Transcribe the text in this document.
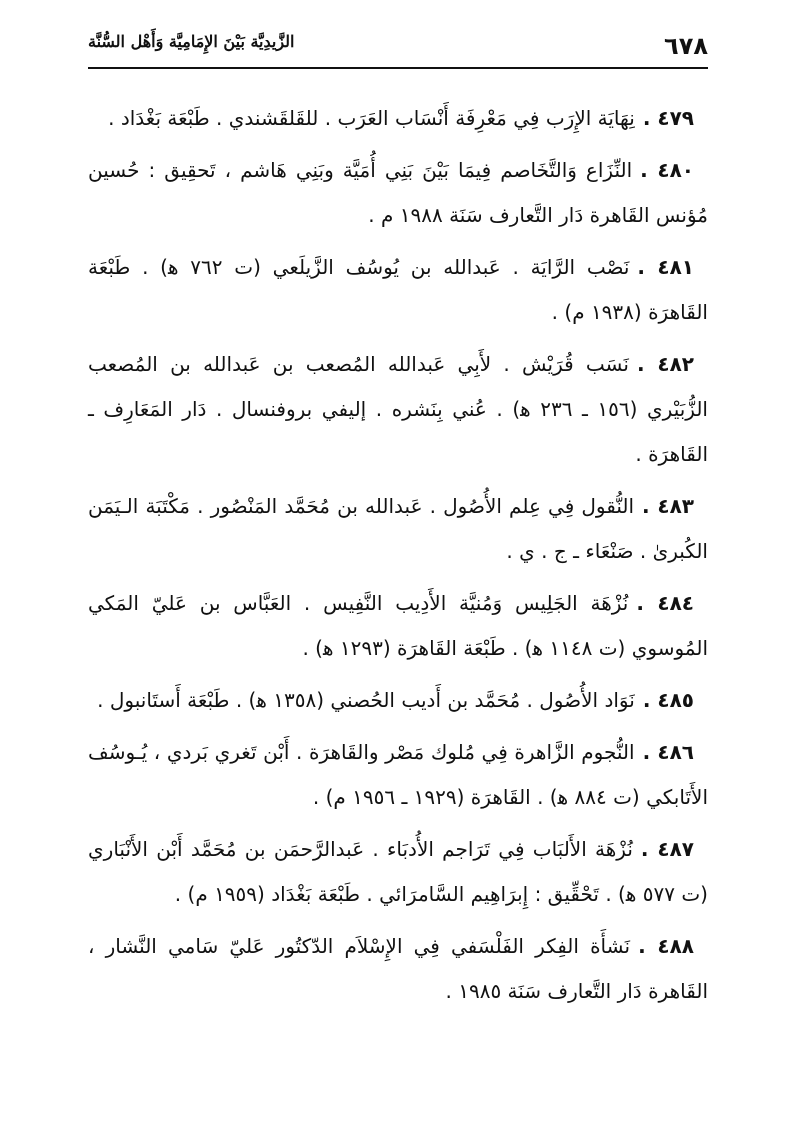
٦٧٨
الزَّيدِيَّة بَيْنَ الإِمَامِيَّة وَأَهْل السُّنَّة
٤٧٩ .نِهَايَة الإِرَب فِي مَعْرِفَة أَنْسَاب العَرَب . للقَلقَشندي . طَبْعَة بَغْدَاد .
٤٨٠ .النِّزَاع وَالتَّخَاصم فِيمَا بَيْنَ بَنِي أُمَيَّة وبَنِي هَاشم ، تَحقِيق : حُسين مُؤنس القَاهرة دَار التَّعارف سَنَة ١٩٨٨ م .
٤٨١ .نَصْب الرَّايَة . عَبدالله بن يُوسُف الزَّيلَعي (ت ٧٦٢ ﻫ) . طَبْعَة القَاهرَة (١٩٣٨ م) .
٤٨٢ .نَسَب قُرَيْش . لأَبِي عَبدالله المُصعب بن عَبدالله بن المُصعب الزُّبَيْري (١٥٦ ـ ٢٣٦ ﻫ) . عُني بِنَشره . إليفي بروفنسال . دَار المَعَارِف ـ القَاهرَة .
٤٨٣ .النُّقول فِي عِلم الأُصُول . عَبدالله بن مُحَمَّد المَنْصُور . مَكْتَبَة الـيَمَن الكُبرىٰ . صَنْعَاء ـ ج . ي .
٤٨٤ .نُزْهَة الجَلِيس وَمُنيَّة الأَدِيب النَّفِيس . العَبَّاس بن عَليّ المَكي المُوسوي (ت ١١٤٨ ﻫ) . طَبْعَة القَاهرَة (١٢٩٣ ﻫ) .
٤٨٥ .نَوَاد الأُصُول . مُحَمَّد بن أَديب الحُصني (١٣٥٨ ﻫ) . طَبْعَة أَستَانبول .
٤٨٦ .النُّجوم الزَّاهرة فِي مُلوك مَصْر والقَاهرَة . أَبْن تَغري بَردي ، يُـوسُف الأَتَابكي (ت ٨٨٤ ﻫ) . القَاهرَة (١٩٢٩ ـ ١٩٥٦ م) .
٤٨٧ .نُزْهَة الأَلبَاب فِي تَرَاجم الأُدبَاء . عَبدالرَّحمَن بن مُحَمَّد أَبْن الأَنْبَاري (ت ٥٧٧ ﻫ) . تَحْقِّيق : إِبرَاهِيم السَّامرَائي . طَبْعَة بَغْدَاد (١٩٥٩ م) .
٤٨٨ .نَشأَة الفِكر الفَلْسَفي فِي الإِسْلاَم الدّكتُور عَليّ سَامي النَّشار ، القَاهرة دَار التَّعارف سَنَة ١٩٨٥ .
